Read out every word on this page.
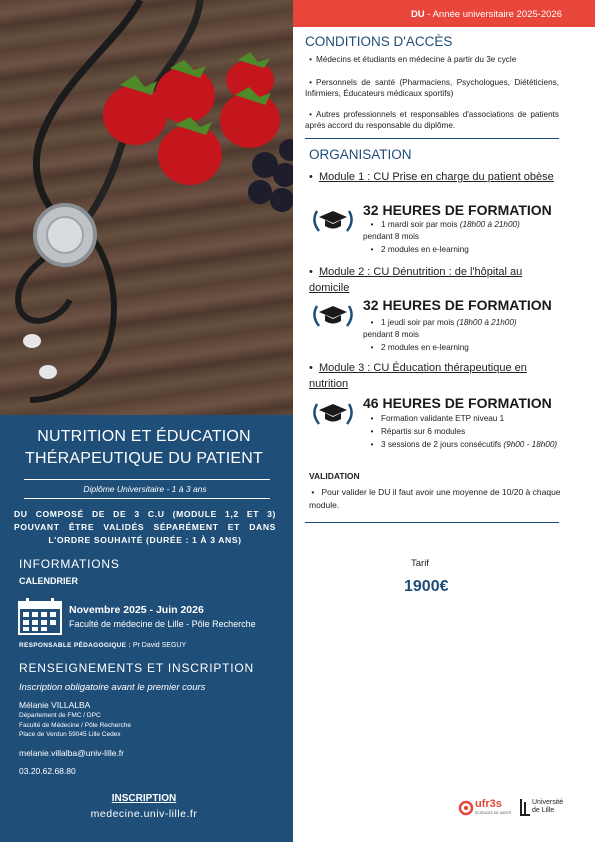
NUTRITION ET ÉDUCATION
THÉRAPEUTIQUE DU PATIENT
Diplôme Universitaire - 1 à 3 ans
DU COMPOSÉ DE DE 3 C.U (MODULE 1,2 ET 3) POUVANT ÊTRE VALIDÉS SÉPARÉMENT ET DANS L'ORDRE SOUHAITÉ (DURÉE : 1 À 3 ANS)
INFORMATIONS
CALENDRIER
Novembre 2025 - Juin 2026
Faculté de médecine de Lille - Pôle Recherche
RESPONSABLE PÉDAGOGIQUE : Pr David SEGUY
RENSEIGNEMENTS ET INSCRIPTION
Inscription obligatoire avant le premier cours
Mélanie VILLALBA
Département de FMC / DPC
Faculté de Médecine / Pôle Recherche
Place de Verdun 59045 Lille Cedex
melanie.villalba@univ-lille.fr
03.20.62.68.80
INSCRIPTION
medecine.univ-lille.fr
DU - Année universitaire 2025-2026
CONDITIONS D'ACCÈS
• Médecins et étudiants en médecine à partir du 3e cycle
• Personnels de santé (Pharmaciens, Psychologues, Diététiciens, Infirmiers, Éducateurs médicaux sportifs)
• Autres professionnels et responsables d'associations de patients après accord du responsable du diplôme.
ORGANISATION
•  Module 1 : CU Prise en charge du patient obèse
32 HEURES DE FORMATION
• 1 mardi soir par mois (18h00 à 21h00)
pendant 8 mois
• 2 modules en e-learning
•  Module 2 : CU Dénutrition : de l'hôpital au domicile
32 HEURES DE FORMATION
• 1 jeudi soir par mois (18h00 à 21h00)
pendant 8 mois
• 2 modules en e-learning
•  Module 3 : CU Éducation thérapeutique en nutrition
46 HEURES DE FORMATION
• Formation validante ETP niveau 1
• Répartis sur 6 modules
• 3 sessions de 2 jours consécutifs (9h00 - 18h00)
VALIDATION
•   Pour valider le DU il faut avoir une moyenne de 10/20 à chaque module.
Tarif
1900€
ufr3s
SCIENCES DE SANTÉ
Université
de Lille
